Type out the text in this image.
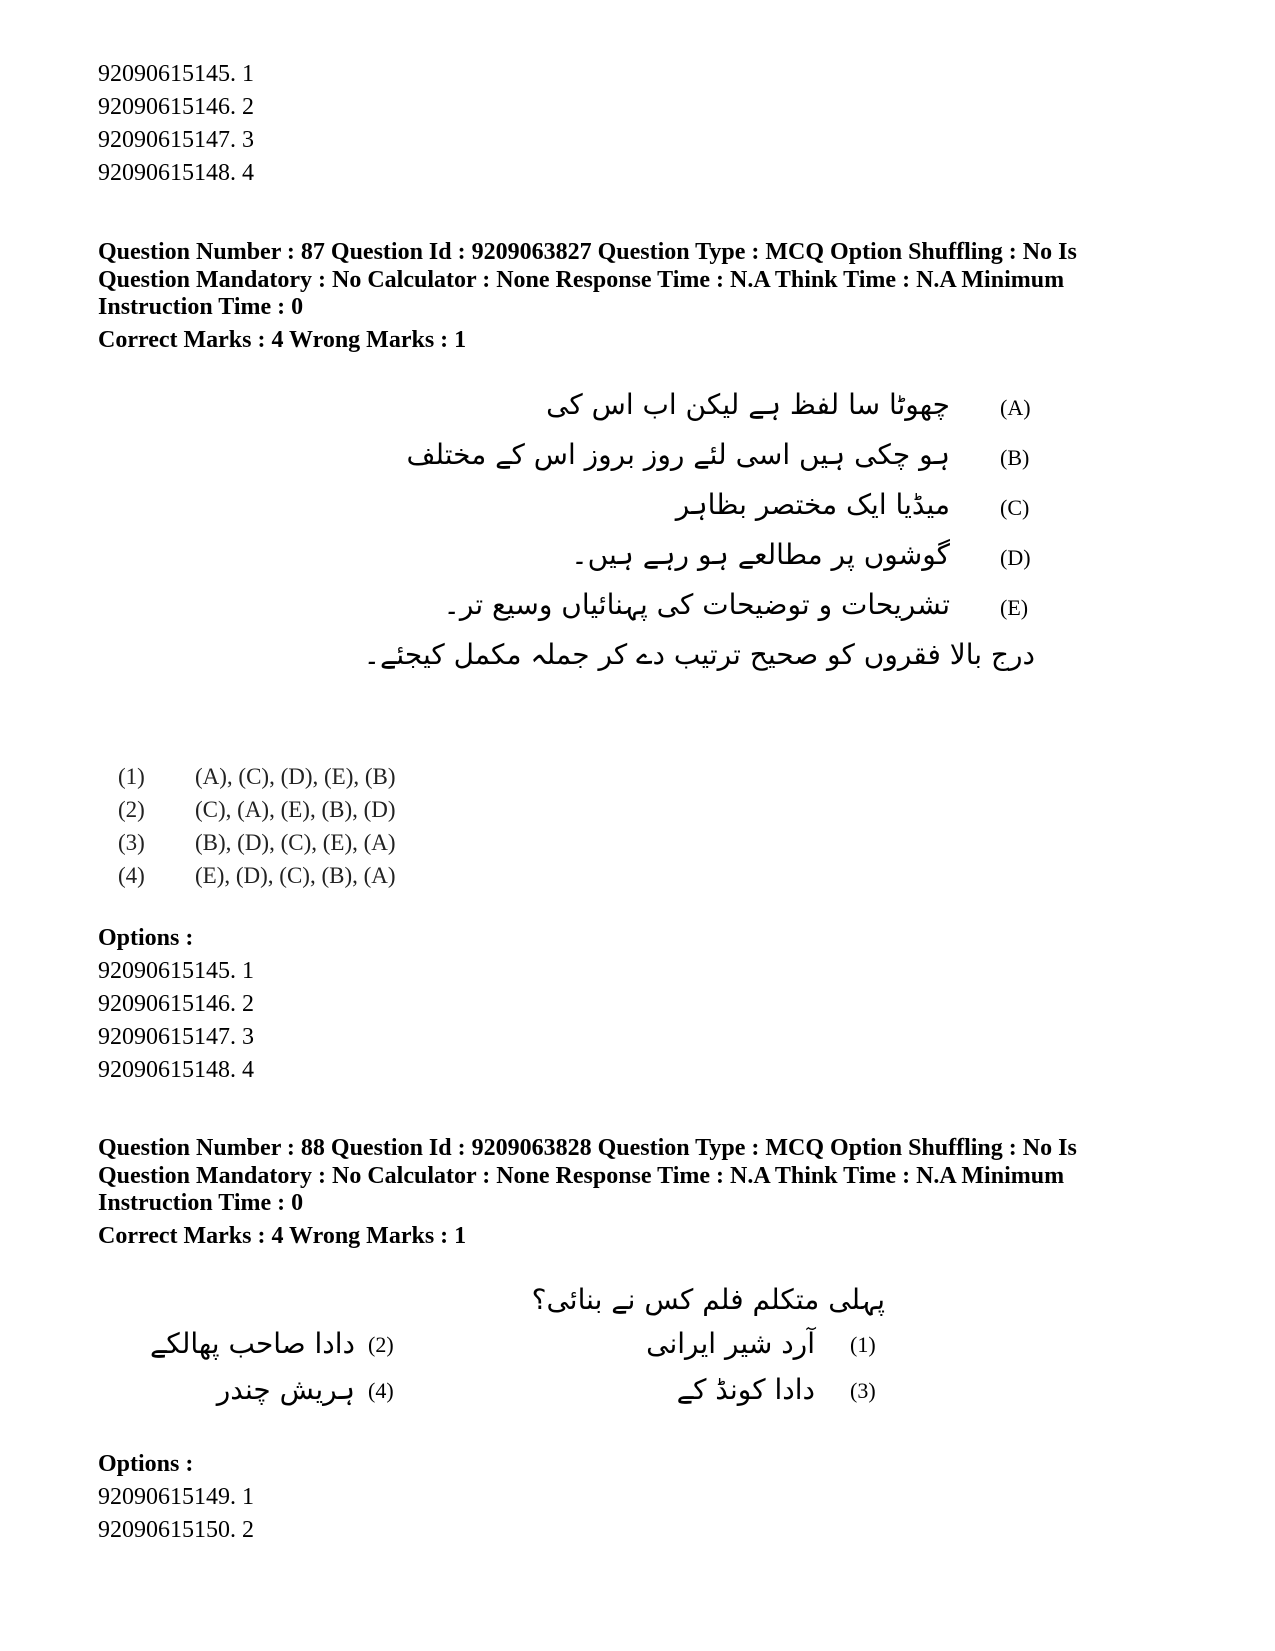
92090615145. 1
92090615146. 2
92090615147. 3
92090615148. 4
Question Number : 87 Question Id : 9209063827 Question Type : MCQ Option Shuffling : No Is
Question Mandatory : No Calculator : None Response Time : N.A Think Time : N.A Minimum
Instruction Time : 0
Correct Marks : 4 Wrong Marks : 1
چھوٹا سا لفظ ہے لیکن اب اس کی (A)
ہو چکی ہیں اسی لئے روز بروز اس کے مختلف (B)
میڈیا ایک مختصر بظاہر (C)
گوشوں پر مطالعے ہو رہے ہیں۔ (D)
تشریحات و توضیحات کی پہنائیاں وسیع تر۔ (E)
درج بالا فقروں کو صحیح ترتیب دے کر جملہ مکمل کیجئے۔
(1) (A), (C), (D), (E), (B)
(2) (C), (A), (E), (B), (D)
(3) (B), (D), (C), (E), (A)
(4) (E), (D), (C), (B), (A)
Options :
92090615145. 1
92090615146. 2
92090615147. 3
92090615148. 4
Question Number : 88 Question Id : 9209063828 Question Type : MCQ Option Shuffling : No Is
Question Mandatory : No Calculator : None Response Time : N.A Think Time : N.A Minimum
Instruction Time : 0
Correct Marks : 4 Wrong Marks : 1
پہلی متکلم فلم کس نے بنائی؟
آرد شیر ایرانی (1)
دادا کونڈ کے (3)
دادا صاحب پھالکے (2)
ہریش چندر (4)
Options :
92090615149. 1
92090615150. 2
